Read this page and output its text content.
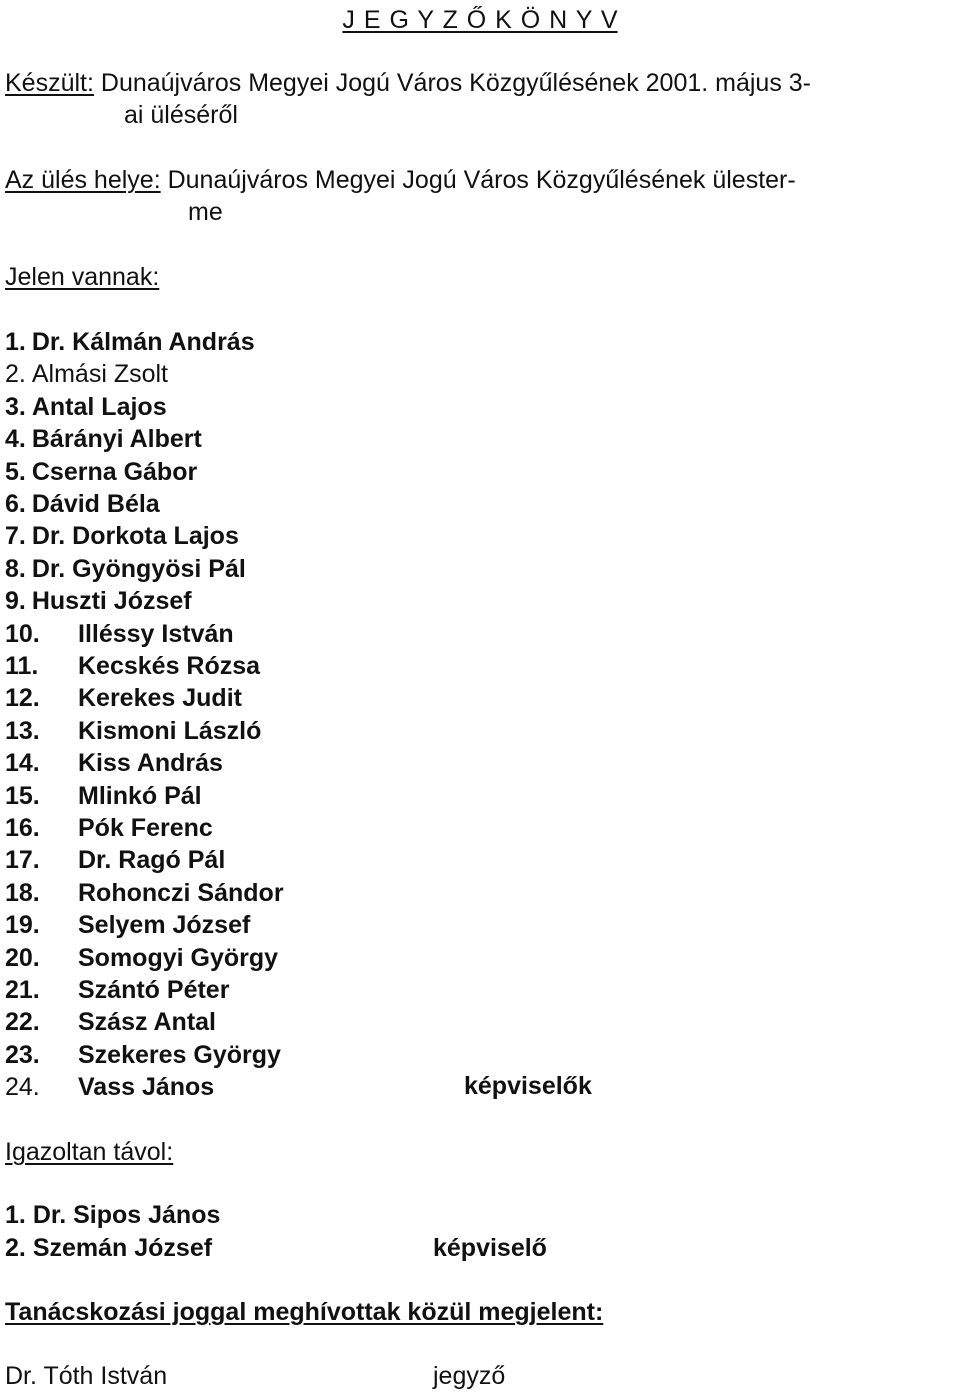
J E G Y Z Ő K Ö N Y V
Készült: Dunaújváros Megyei Jogú Város Közgyűlésének 2001. május 3-
ai üléséről
Az ülés helye: Dunaújváros Megyei Jogú Város Közgyűlésének ülester-
me
Jelen vannak:
1. Dr. Kálmán András
2. Almási Zsolt
3. Antal Lajos
4. Bárányi Albert
5. Cserna Gábor
6. Dávid Béla
7. Dr. Dorkota Lajos
8. Dr. Gyöngyösi Pál
9. Huszti József
10. Illéssy István
11. Kecskés Rózsa
12. Kerekes Judit
13. Kismoni László
14. Kiss András
15. Mlinkó Pál
16. Pók Ferenc
17. Dr. Ragó Pál
18. Rohonczi Sándor
19. Selyem József
20. Somogyi György
21. Szántó Péter
22. Szász Antal
23. Szekeres György
24. Vass János	képviselők
Igazoltan távol:
1. Dr. Sipos János
2. Szemán József	képviselő
Tanácskozási joggal meghívottak közül megjelent:
Dr. Tóth István	jegyző
